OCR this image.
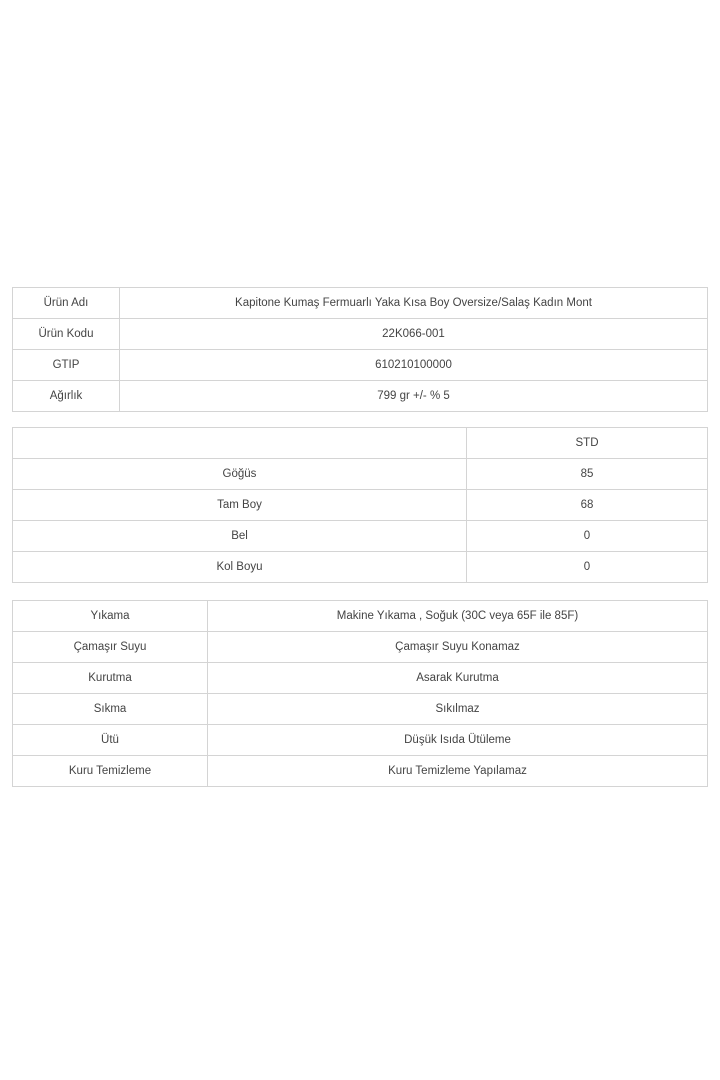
Ürün Adı	Kapitone Kumaş Fermuarlı Yaka Kısa Boy Oversize/Salaş Kadın Mont
Ürün Kodu	22K066-001
GTIP	610210100000
Ağırlık	799 gr +/- % 5
	STD
Göğüs	85
Tam Boy	68
Bel	0
Kol Boyu	0
Yıkama	Makine Yıkama , Soğuk (30C veya 65F ile 85F)
Çamaşır Suyu	Çamaşır Suyu Konamaz
Kurutma	Asarak Kurutma
Sıkma	Sıkılmaz
Ütü	Düşük Isıda Ütüleme
Kuru Temizleme	Kuru Temizleme Yapılamaz
